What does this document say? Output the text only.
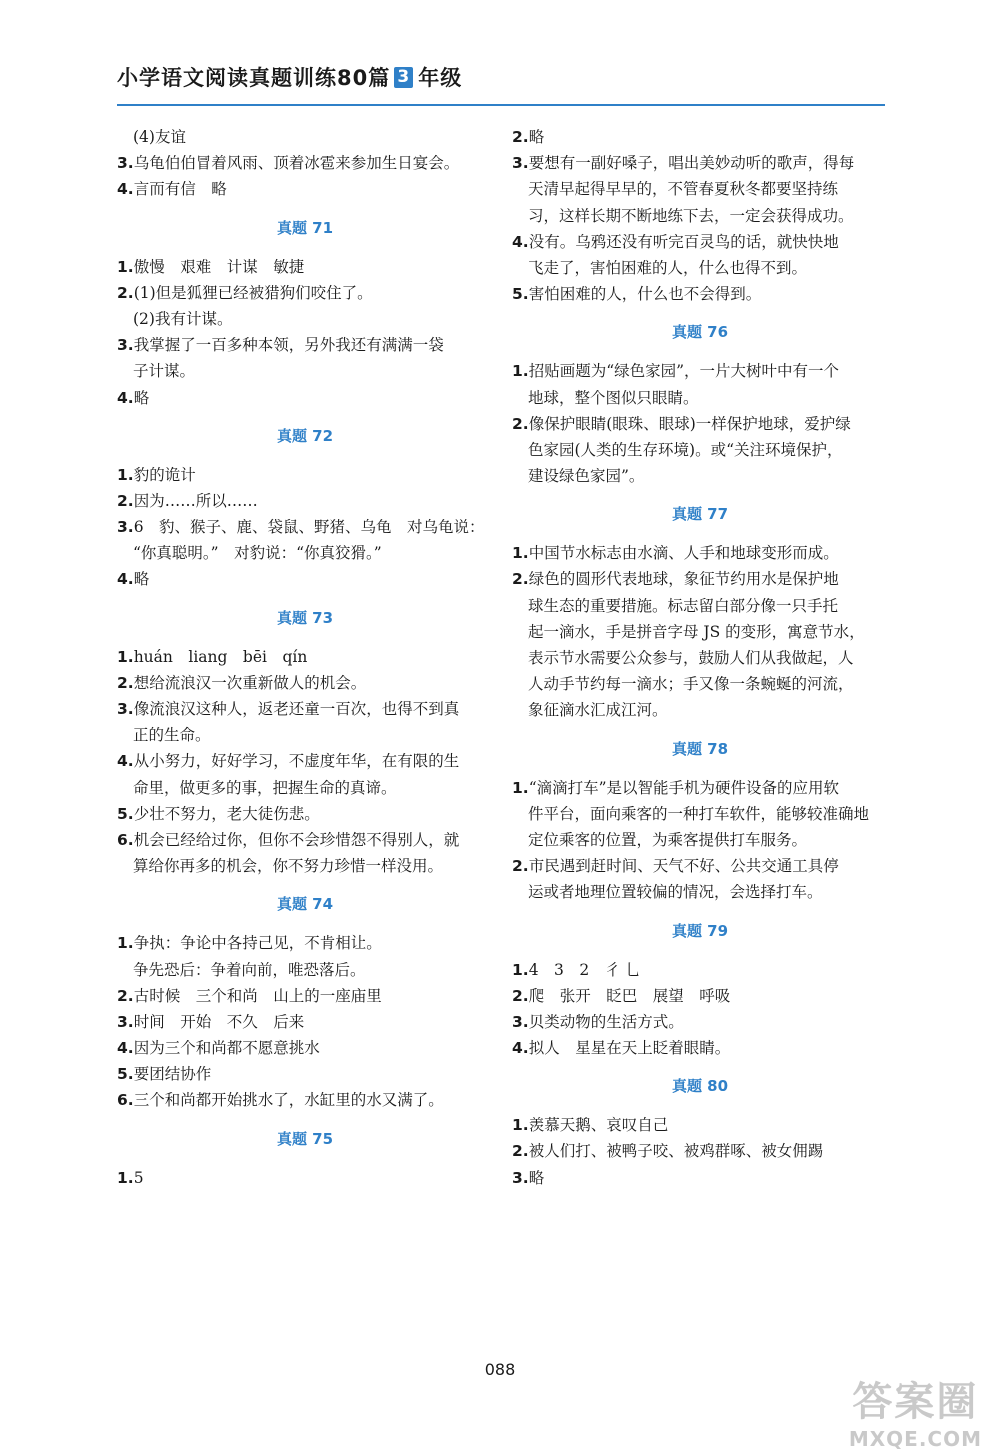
小学语文阅读真题训练80篇 3 年级
(4)友谊
3.乌龟伯伯冒着风雨、顶着冰雹来参加生日宴会。
4.言而有信　略
真题 71
1.傲慢　艰难　计谋　敏捷
2.(1)但是狐狸已经被猎狗们咬住了。
(2)我有计谋。
3.我掌握了一百多种本领，另外我还有满满一袋
子计谋。
4.略
真题 72
1.豹的诡计
2.因为……所以……
3.6　豹、猴子、鹿、袋鼠、野猪、乌龟　对乌龟说：
“你真聪明。”　对豹说：“你真狡猾。”
4.略
真题 73
1.huán　liang　bēi　qín
2.想给流浪汉一次重新做人的机会。
3.像流浪汉这种人，返老还童一百次，也得不到真
正的生命。
4.从小努力，好好学习，不虚度年华，在有限的生
命里，做更多的事，把握生命的真谛。
5.少壮不努力，老大徒伤悲。
6.机会已经给过你，但你不会珍惜怨不得别人，就
算给你再多的机会，你不努力珍惜一样没用。
真题 74
1.争执：争论中各持己见，不肯相让。
争先恐后：争着向前，唯恐落后。
2.古时候　三个和尚　山上的一座庙里
3.时间　开始　不久　后来
4.因为三个和尚都不愿意挑水
5.要团结协作
6.三个和尚都开始挑水了，水缸里的水又满了。
真题 75
1.5
2.略
3.要想有一副好嗓子，唱出美妙动听的歌声，得每
天清早起得早早的，不管春夏秋冬都要坚持练
习，这样长期不断地练下去，一定会获得成功。
4.没有。乌鸦还没有听完百灵鸟的话，就快快地
飞走了，害怕困难的人，什么也得不到。
5.害怕困难的人，什么也不会得到。
真题 76
1.招贴画题为“绿色家园”，一片大树叶中有一个
地球，整个图似只眼睛。
2.像保护眼睛(眼珠、眼球)一样保护地球，爱护绿
色家园(人类的生存环境)。或“关注环境保护，
建设绿色家园”。
真题 77
1.中国节水标志由水滴、人手和地球变形而成。
2.绿色的圆形代表地球，象征节约用水是保护地
球生态的重要措施。标志留白部分像一只手托
起一滴水，手是拼音字母 JS 的变形，寓意节水，
表示节水需要公众参与，鼓励人们从我做起，人
人动手节约每一滴水；手又像一条蜿蜒的河流，
象征滴水汇成江河。
真题 78
1.“滴滴打车”是以智能手机为硬件设备的应用软
件平台，面向乘客的一种打车软件，能够较准确地
定位乘客的位置，为乘客提供打车服务。
2.市民遇到赶时间、天气不好、公共交通工具停
运或者地理位置较偏的情况，会选择打车。
真题 79
1.4　3　2　彳 乚
2.爬　张开　眨巴　展望　呼吸
3.贝类动物的生活方式。
4.拟人　星星在天上眨着眼睛。
真题 80
1.羡慕天鹅、哀叹自己
2.被人们打、被鸭子咬、被鸡群啄、被女佣踢
3.略
088
答案圈
MXQE.COM
